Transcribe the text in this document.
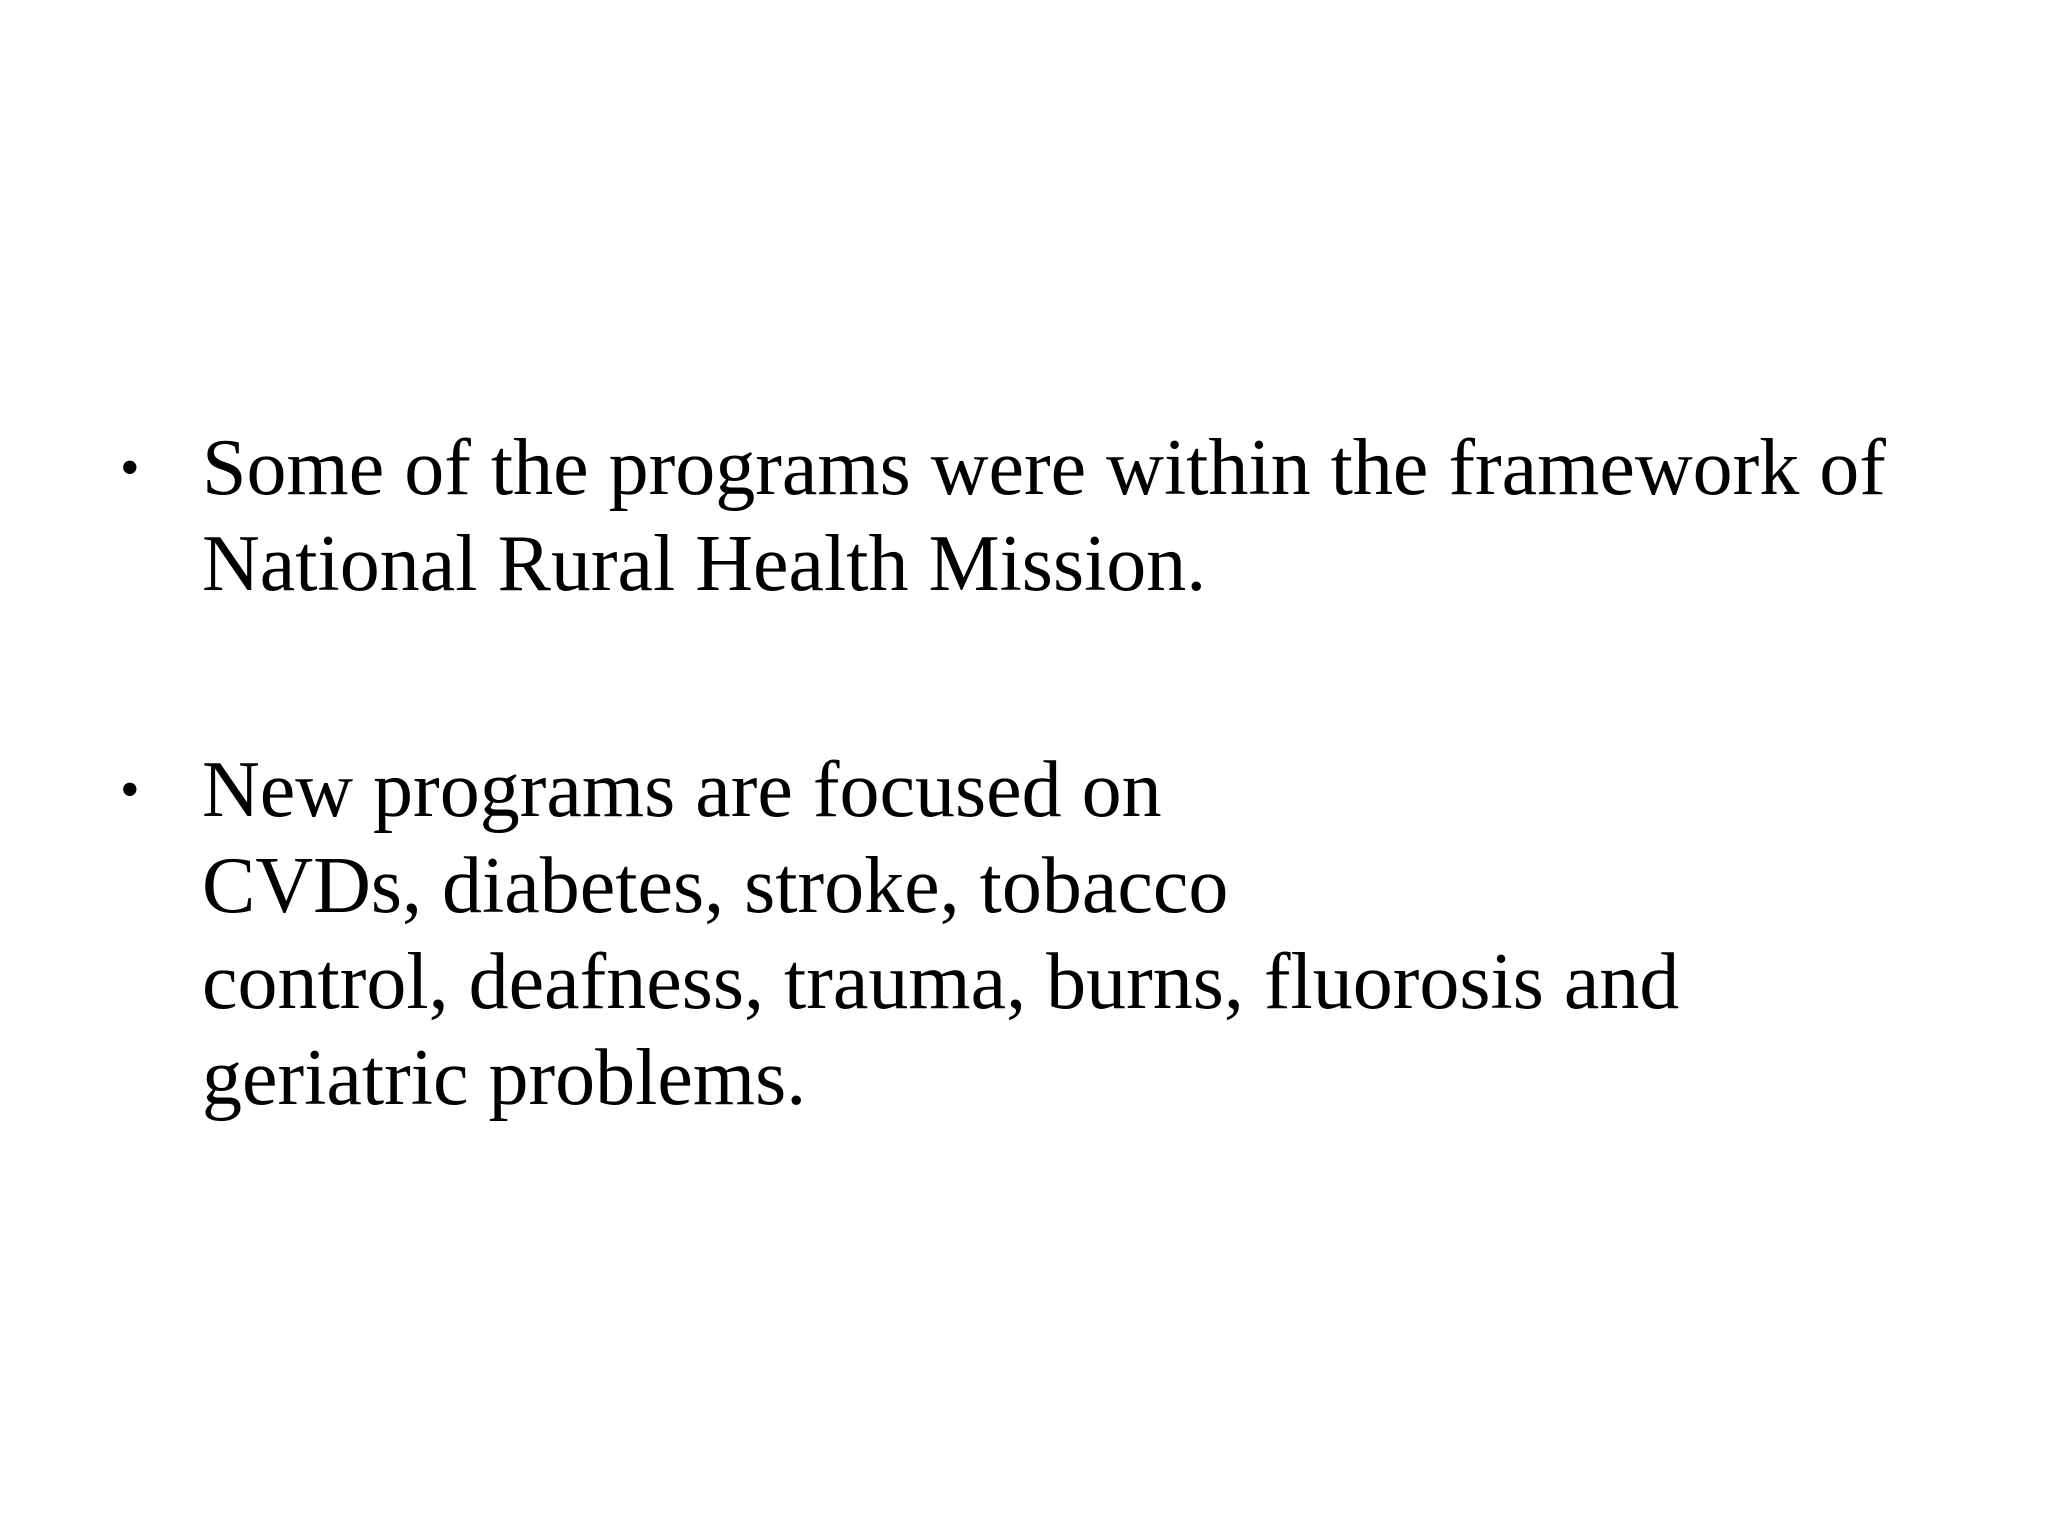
• Some of the programs were within the framework of
National Rural Health Mission.
• New programs are focused on
CVDs, diabetes, stroke, tobacco
control, deafness, trauma, burns, fluorosis and
geriatric problems.
